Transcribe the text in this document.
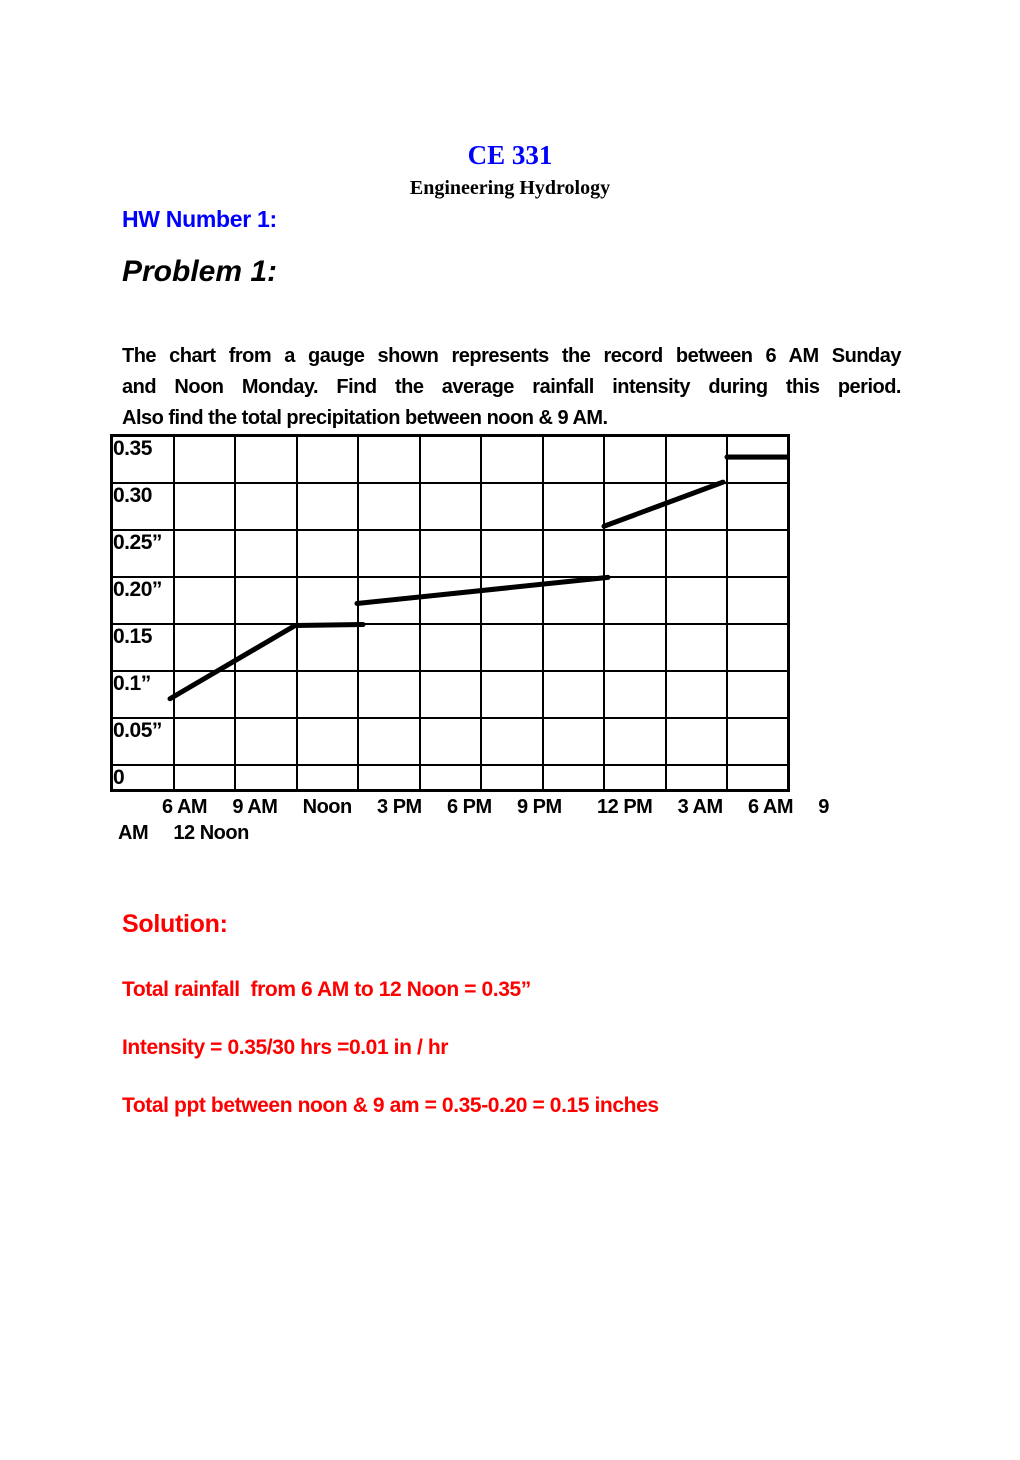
CE 331
Engineering Hydrology
HW Number 1:
Problem 1:
The chart from a gauge shown represents the record between 6 AM Sunday
and Noon Monday. Find the average rainfall intensity during this period.
Also find the total precipitation between noon & 9 AM.
0.35										
0.30										
0.25”										
0.20”										
0.15										
0.1”										
0.05”										
0										
6 AM     9 AM     Noon     3 PM     6 PM     9 PM       12 PM     3 AM     6 AM     9
AM     12 Noon
Solution:
Total rainfall  from 6 AM to 12 Noon = 0.35”
Intensity = 0.35/30 hrs =0.01 in / hr
Total ppt between noon & 9 am = 0.35-0.20 = 0.15 inches
